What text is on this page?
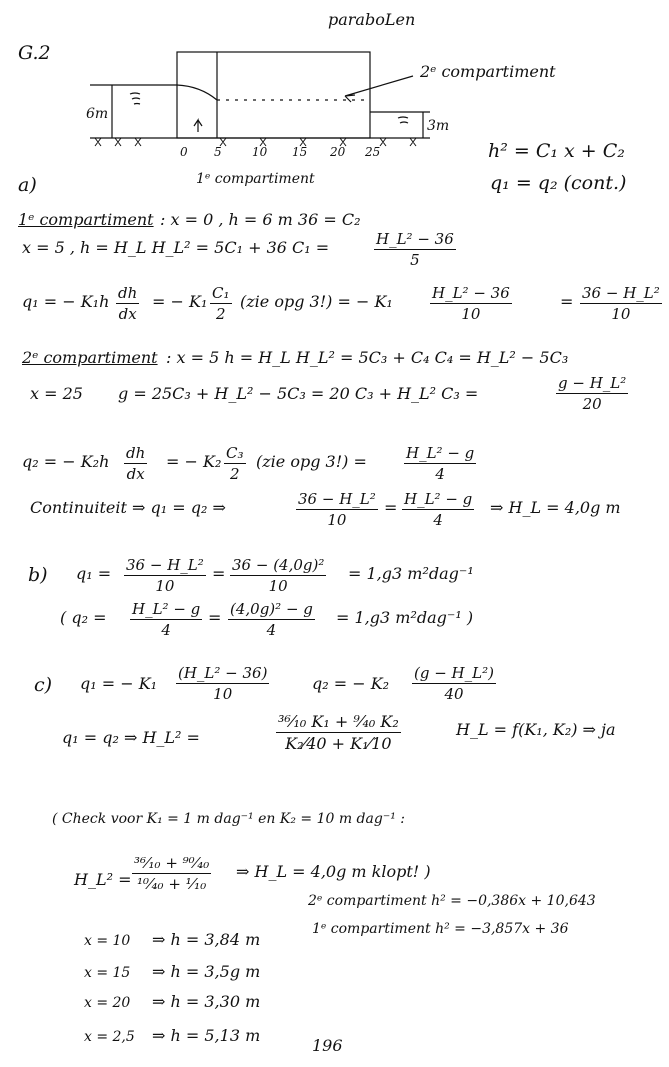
paraboLen
G.2
6m
3m
0 5	10 15 20 25
2ᵉ compartiment
1ᵉ compartiment
h² = C₁ x + C₂
q₁ = q₂ (cont.)
a)
1ᵉ compartiment : x = 0 , h = 6 m 36 = C₂
x = 5 , h = H_L H_L² = 5C₁ + 36 C₁ =	$\frac{\text{H\_L² − 36}}{5}$
q₁ = − $K_1h \frac{dh}{dx}$ = − $K_1 \frac{\text{C₁}}{2} (zie$ opg 3!) = − $K_1 \frac{\text{H\_L² − 36}}{10}$	= $\frac{\text{36 − H\_L²}}{10}$
2ᵉ compartiment : x = 5 h = H_L H_L² = 5C₃ + C₄ C₄ = H_L² − 5C₃
x = 25 g = 25C₃ + H_L² − 5C₃ = 20 C₃ + H_L² C₃ =	$\frac{\text{g − H\_L²}}{20}$
q₂ = − $K_2h \frac{dh}{dx}$ = − $K_2 \frac{\text{C₃}}{2} (zie$ opg $3!) = \frac{\text{H\_L² − g}}{4}$
Continuiteit ⇒ q₁ = q₂ ⇒	$\frac{\text{36 − H\_L²}}{10} = \frac{\text{H\_L² − g}}{4}$ ⇒ H_L = 4,0g m
b) $q_1 = \frac{\text{36 − H\_L²}}{10} = \frac{\text{36 − (4,0g)²}}{10} = 1,g3$ m²dag⁻¹
( $q_2 = \frac{\text{H\_L² − g}}{4} = \frac{\text{(4,0g)² − g}}{4} = 1,g3$ m²dag⁻¹ )
c) q₁ = − $K_1 \frac{\text{(H\_L² − 36)}}{10}$	q₂ = − $K_2 \frac{\text{(g − H\_L²)}}{40}$
q₁ = q₂ ⇒ H_L² =	$\frac{\text{³⁶⁄₁₀ K₁ + ⁹⁄₄₀ K₂}}{\text{K₂⁄40 + K₁⁄10}}$	H_L = f(K₁, K₂) ⇒ ja
( Check voor K₁ = 1 m dag⁻¹ en K₂ = 10 m dag⁻¹ :
H_L² =
³⁶⁄₁₀ + ⁹⁰⁄₄₀
¹⁰⁄₄₀ + ¹⁄₁₀
⇒ H_L = 4,0g m klopt! )
2ᵉ compartiment h² = −0,386x + 10,643
1ᵉ compartiment h² = −3,857x + 36
x = 10 ⇒ h = 3,84 m
x = 15 ⇒ h = 3,5g m
x = 20 ⇒ h = 3,30 m
x = 2,5 ⇒ h = 5,13 m
196
